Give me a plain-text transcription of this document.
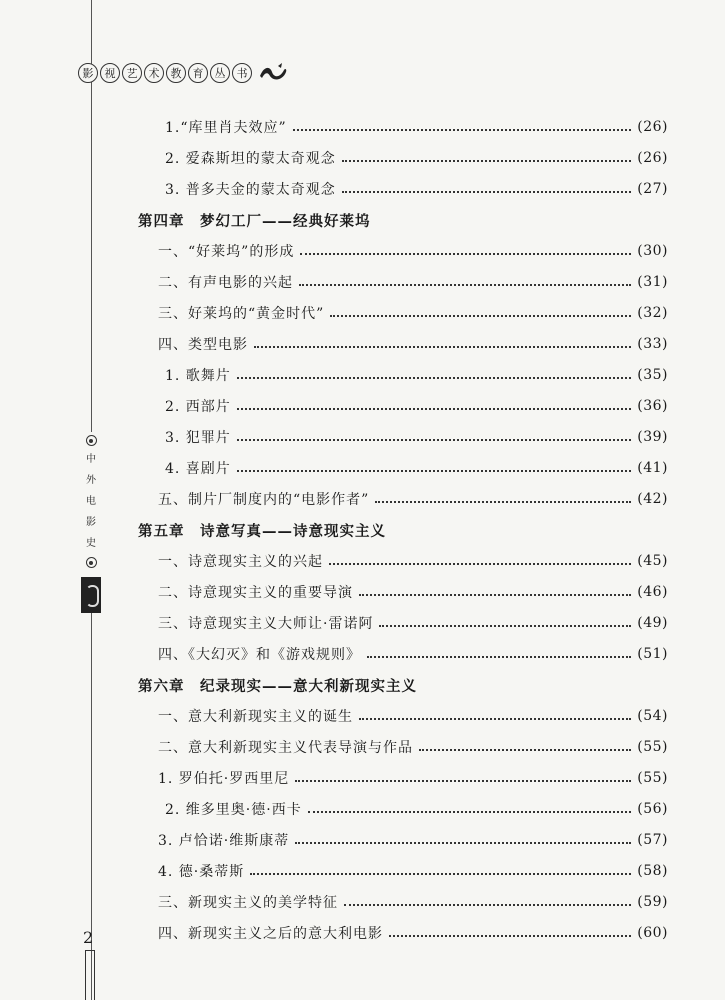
影	视	艺	术	教	育	丛	书
中
外
电
影
史
1.“库里肖夫效应”	(26)
2. 爱森斯坦的蒙太奇观念	(26)
3. 普多夫金的蒙太奇观念	(27)
第四章　梦幻工厂——经典好莱坞
一、“好莱坞”的形成	(30)
二、有声电影的兴起	(31)
三、好莱坞的“黄金时代”	(32)
四、类型电影	(33)
1. 歌舞片	(35)
2. 西部片	(36)
3. 犯罪片	(39)
4. 喜剧片	(41)
五、制片厂制度内的“电影作者”	(42)
第五章　诗意写真——诗意现实主义
一、诗意现实主义的兴起	(45)
二、诗意现实主义的重要导演	(46)
三、诗意现实主义大师让·雷诺阿	(49)
四、《大幻灭》和《游戏规则》	(51)
第六章　纪录现实——意大利新现实主义
一、意大利新现实主义的诞生	(54)
二、意大利新现实主义代表导演与作品	(55)
1. 罗伯托·罗西里尼	(55)
2. 维多里奥·德·西卡	(56)
3. 卢恰诺·维斯康蒂	(57)
4. 德·桑蒂斯	(58)
三、新现实主义的美学特征	(59)
四、新现实主义之后的意大利电影	(60)
2
